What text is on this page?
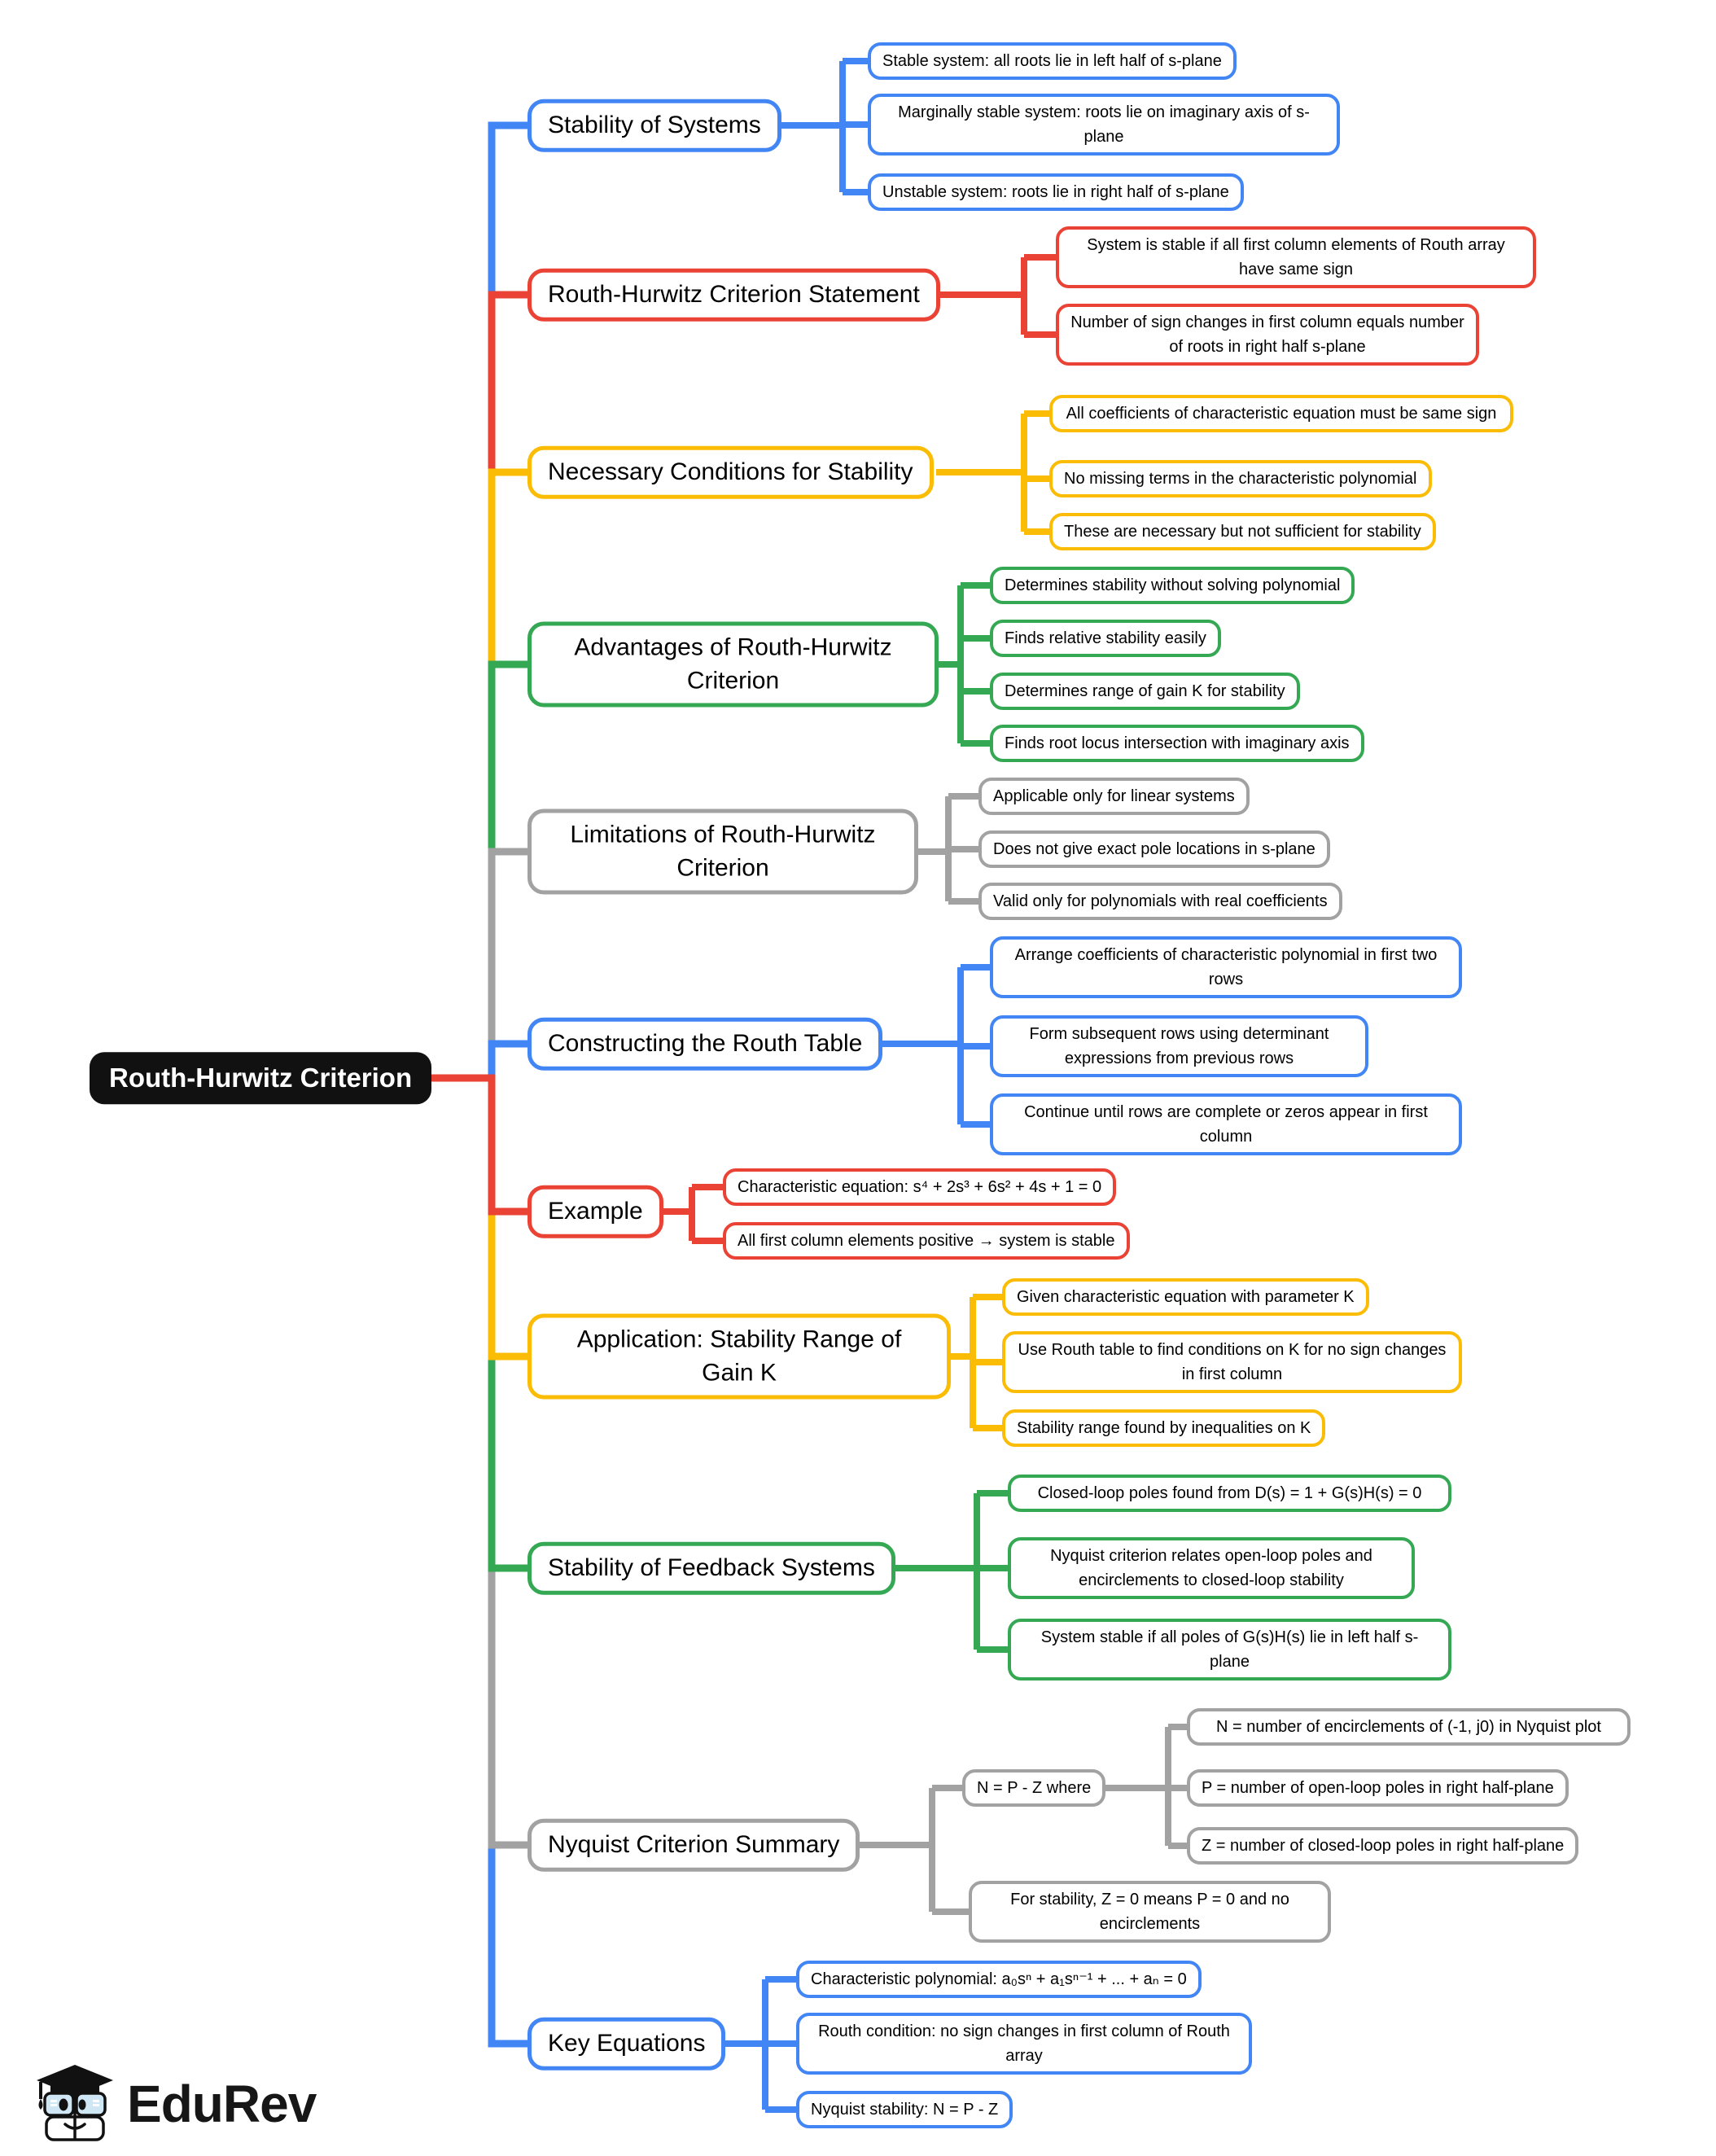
Routh-Hurwitz Criterion
Stability of Systems
Stable system: all roots lie in left half of s-plane
Marginally stable system: roots lie on imaginary axis of s-plane
Unstable system: roots lie in right half of s-plane
Routh-Hurwitz Criterion Statement
System is stable if all first column elements of Routh array have same sign
Number of sign changes in first column equals number of roots in right half s-plane
Necessary Conditions for Stability
All coefficients of characteristic equation must be same sign
No missing terms in the characteristic polynomial
These are necessary but not sufficient for stability
Advantages of Routh-Hurwitz Criterion
Determines stability without solving polynomial
Finds relative stability easily
Determines range of gain K for stability
Finds root locus intersection with imaginary axis
Limitations of Routh-Hurwitz Criterion
Applicable only for linear systems
Does not give exact pole locations in s-plane
Valid only for polynomials with real coefficients
Constructing the Routh Table
Arrange coefficients of characteristic polynomial in first two rows
Form subsequent rows using determinant expressions from previous rows
Continue until rows are complete or zeros appear in first column
Example
Characteristic equation: s⁴ + 2s³ + 6s² + 4s + 1 = 0
All first column elements positive → system is stable
Application: Stability Range of Gain K
Given characteristic equation with parameter K
Use Routh table to find conditions on K for no sign changes in first column
Stability range found by inequalities on K
Stability of Feedback Systems
Closed-loop poles found from D(s) = 1 + G(s)H(s) = 0
Nyquist criterion relates open-loop poles and encirclements to closed-loop stability
System stable if all poles of G(s)H(s) lie in left half s-plane
Nyquist Criterion Summary
N = P - Z where
N = number of encirclements of (-1, j0) in Nyquist plot
P = number of open-loop poles in right half-plane
Z = number of closed-loop poles in right half-plane
For stability, Z = 0 means P = 0 and no encirclements
Key Equations
Characteristic polynomial: a₀sⁿ + a₁sⁿ⁻¹ + ... + aₙ = 0
Routh condition: no sign changes in first column of Routh array
Nyquist stability: N = P - Z
EduRev
